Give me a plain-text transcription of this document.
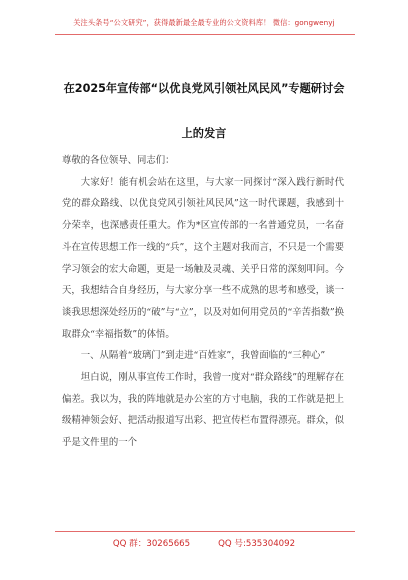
关注头条号“公文研究”，获得最新最全最专业的公文资料库！ 微信：gongwenyj
在2025年宣传部“以优良党风引领社风民风”专题研讨会
上的发言

尊敬的各位领导、同志们：

大家好！能有机会站在这里，与大家一同探讨“深入践行新时代党的群众路线、以优良党风引领社风民风”这一时代课题，我感到十分荣幸，也深感责任重大。作为*区宣传部的一名普通党员，一名奋斗在宣传思想工作一线的“兵”，这个主题对我而言，不只是一个需要学习领会的宏大命题，更是一场触及灵魂、关乎日常的深刻叩问。今天，我想结合自身经历，与大家分享一些不成熟的思考和感受，谈一谈我思想深处经历的“破”与“立”，以及对如何用党员的“辛苦指数”换取群众“幸福指数”的体悟。

一、从隔着“玻璃门”到走进“百姓家”，我曾面临的“三种心”

坦白说，刚从事宣传工作时，我曾一度对“群众路线”的理解存在偏差。我以为，我的阵地就是办公室的方寸电脑，我的工作就是把上级精神领会好、把活动报道写出彩、把宣传栏布置得漂亮。群众，似乎是文件里的一个

QQ 群：30265665	QQ 号:535304092
